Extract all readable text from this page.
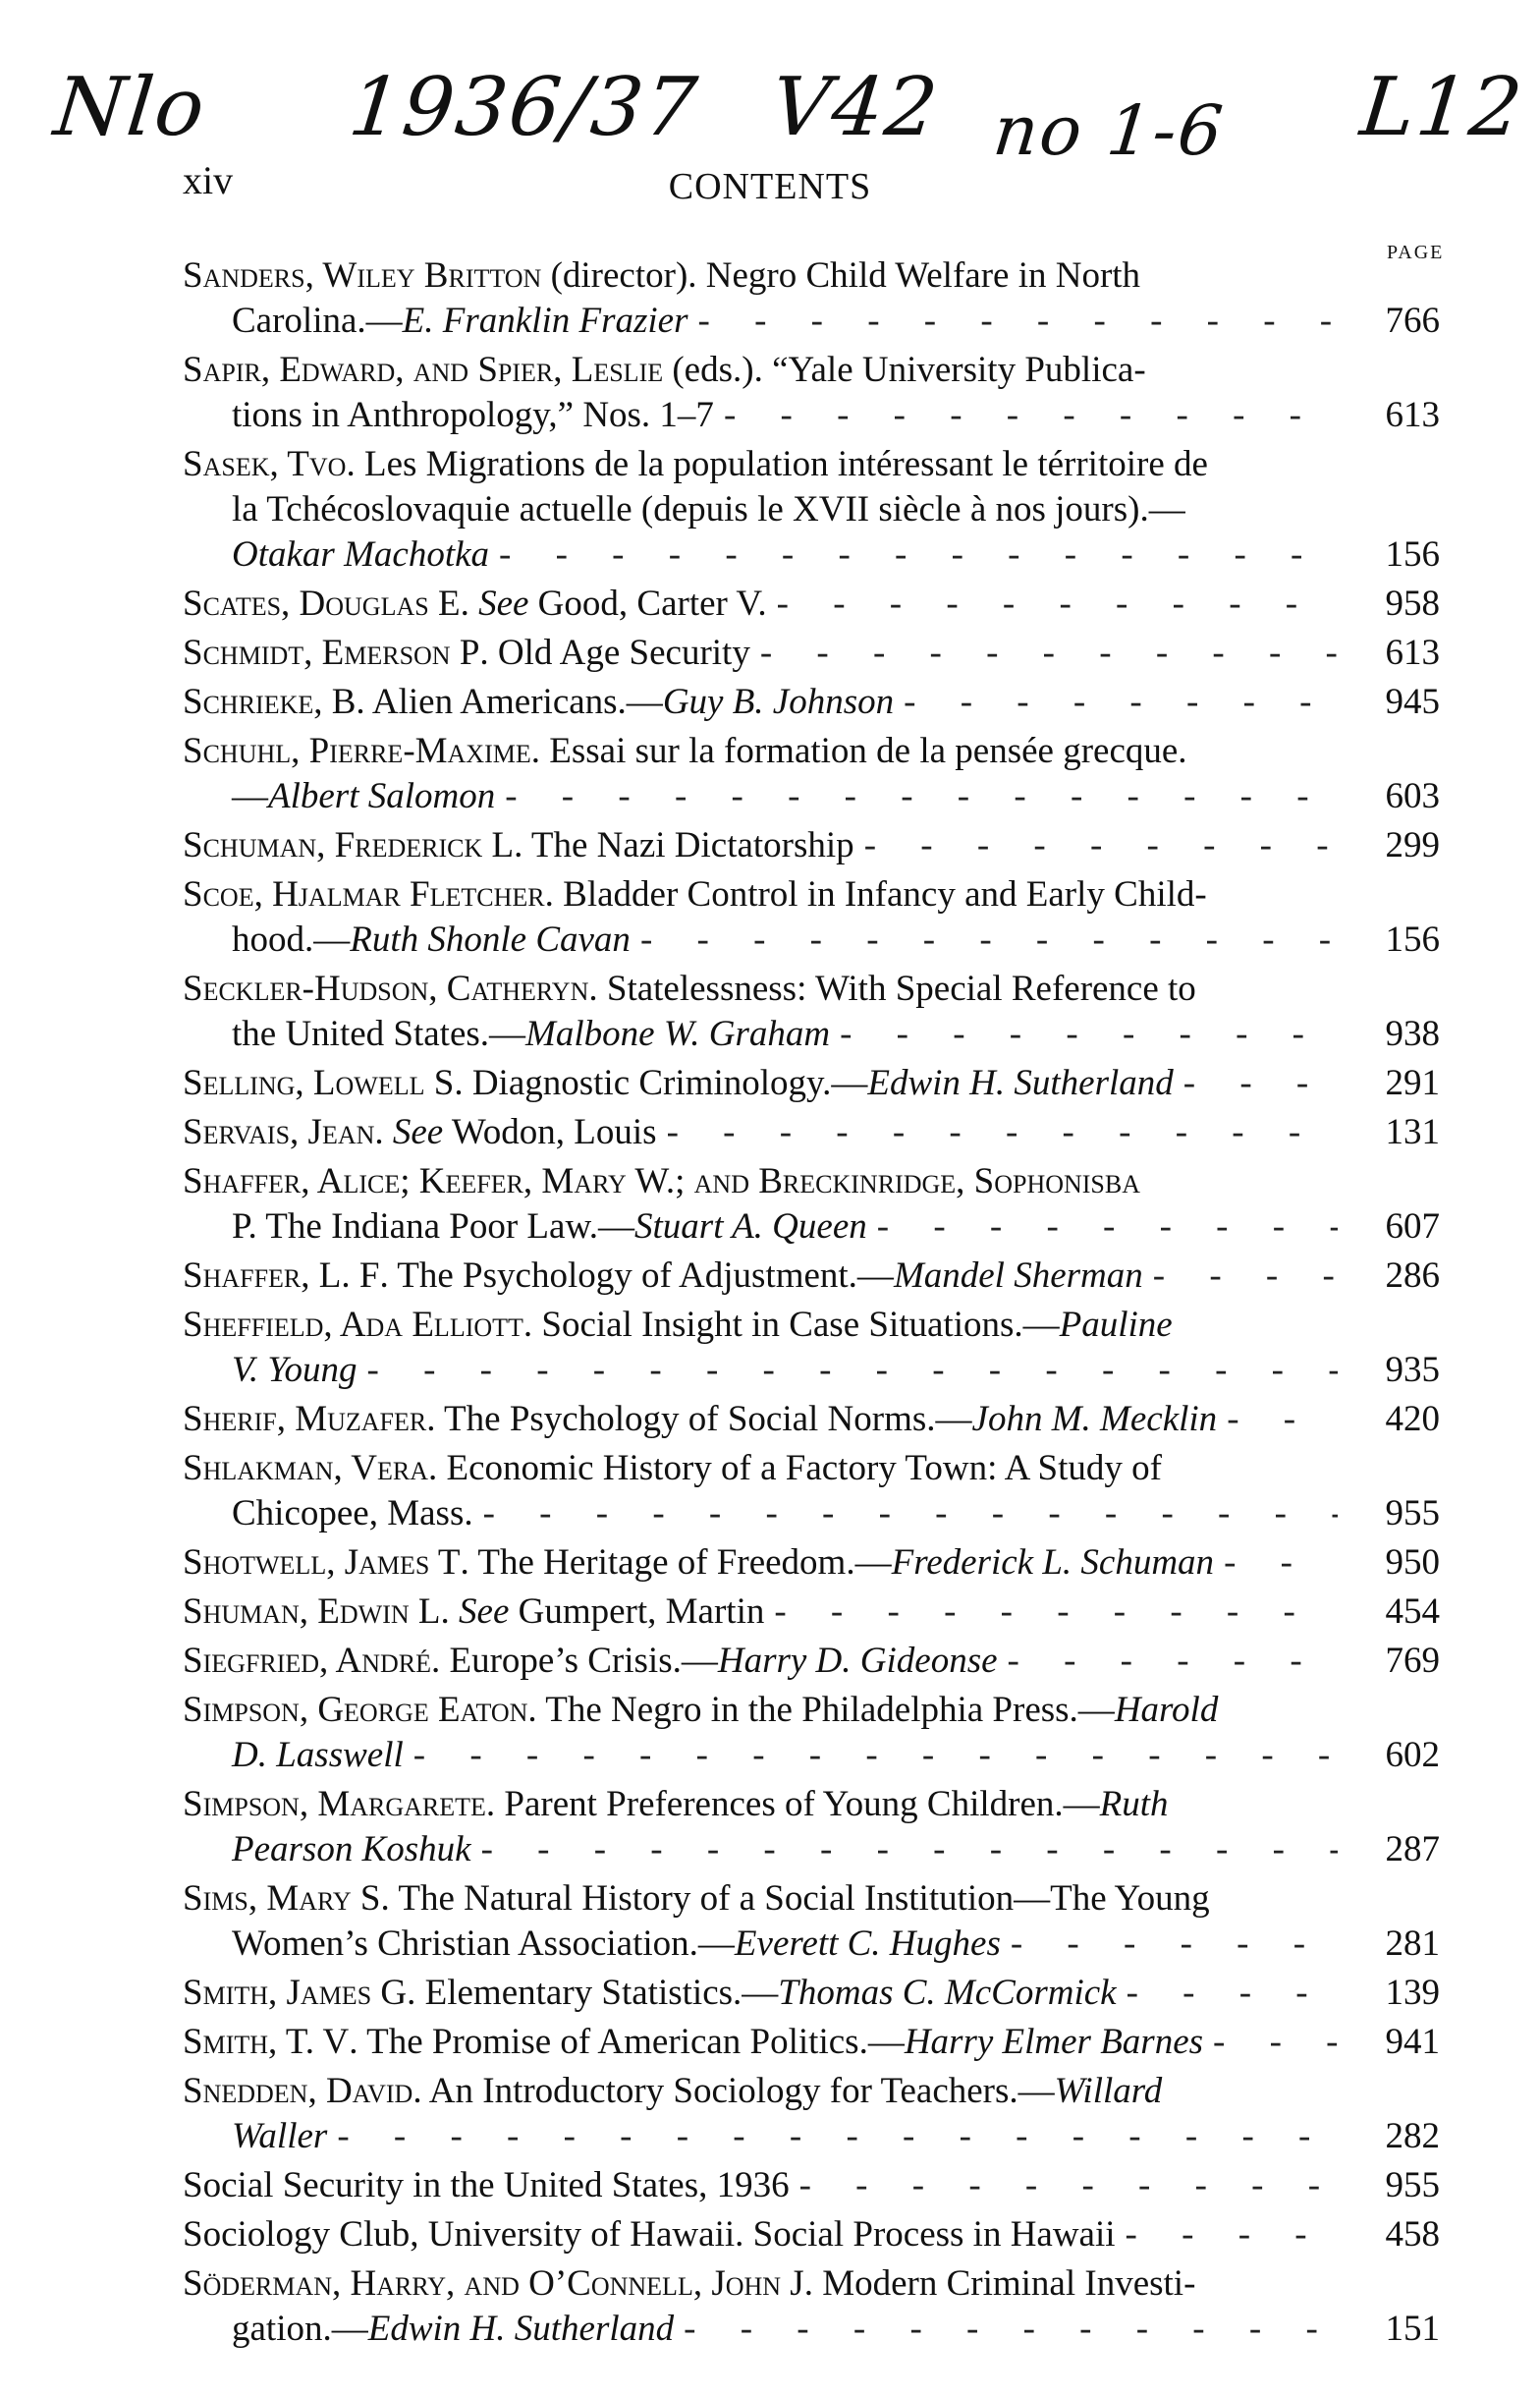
Nlo 1936/37 V42 no 1-6 L12
xiv	CONTENTS
PAGE
Sanders, Wiley Britton (director). Negro Child Welfare in North
Carolina.— E. Franklin Frazier - - -	766
Sapir, Edward, and Spier, Leslie (eds.). “Yale University Publica-
tions in Anthropology,” Nos. 1–7 - - -	613
Sasek, Tvo . Les Migrations de la population intéressant le térritoire de
la Tchécoslovaquie actuelle (depuis le XVII siècle à nos jours).—
Otakar Machotka - - -	156
Scates, Douglas E . See Good, Carter V. - - -	958
Schmidt, Emerson P . Old Age Security - - -	613
Schrieke, B . Alien Americans.— Guy B. Johnson - - -	945
Schuhl, Pierre-Maxime . Essai sur la formation de la pensée grecque.
— Albert Salomon - - -	603
Schuman, Frederick L . The Nazi Dictatorship - - -	299
Scoe, Hjalmar Fletcher . Bladder Control in Infancy and Early Child-
hood.— Ruth Shonle Cavan - - -	156
Seckler-Hudson, Catheryn . Statelessness: With Special Reference to
the United States.— Malbone W. Graham - - -	938
Selling, Lowell S . Diagnostic Criminology.— Edwin H. Sutherland - - -	291
Servais, Jean . See Wodon, Louis - - -	131
Shaffer, Alice; Keefer, Mary W.; and Breckinridge, Sophonisba
P. The Indiana Poor Law.— Stuart A. Queen - - -	607
Shaffer, L. F . The Psychology of Adjustment.— Mandel Sherman - - -	286
Sheffield, Ada Elliott . Social Insight in Case Situations.— Pauline
V. Young - - -	935
Sherif, Muzafer . The Psychology of Social Norms.— John M. Mecklin - - -	420
Shlakman, Vera . Economic History of a Factory Town: A Study of
Chicopee, Mass. - - -	955
Shotwell, James T . The Heritage of Freedom.— Frederick L. Schuman - - -	950
Shuman, Edwin L . See Gumpert, Martin - - -	454
Siegfried, André . Europe’s Crisis.— Harry D. Gideonse - - -	769
Simpson, George Eaton . The Negro in the Philadelphia Press.— Harold
D. Lasswell - - -	602
Simpson, Margarete . Parent Preferences of Young Children.— Ruth
Pearson Koshuk - - -	287
Sims, Mary S . The Natural History of a Social Institution—The Young
Women’s Christian Association.— Everett C. Hughes - - -	281
Smith, James G . Elementary Statistics.— Thomas C. McCormick - - -	139
Smith, T. V . The Promise of American Politics.— Harry Elmer Barnes - - -	941
Snedden, David . An Introductory Sociology for Teachers.— Willard
Waller - - -	282
Social Security in the United States, 1936 - - -	955
Sociology Club, University of Hawaii. Social Process in Hawaii - - -	458
Söderman, Harry, and O’Connell, John J . Modern Criminal Investi-
gation.— Edwin H. Sutherland - - -	151
